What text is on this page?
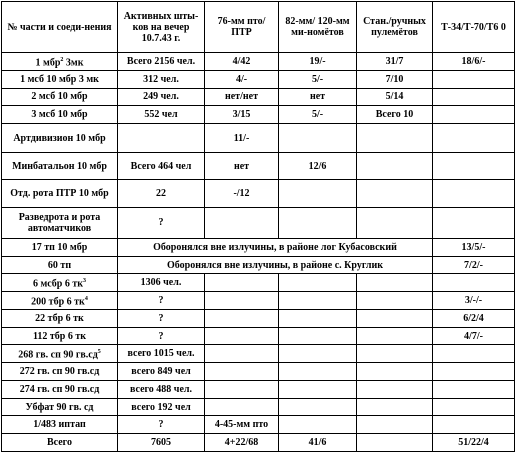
№ части и соеди-нения	Активных шты-ков на вечер 10.7.43 г.	76-мм пто/ ПТР	82-мм/ 120-мм ми-номётов	Стан./ручных пулемётов	Т-34/Т-70/Т6 0
1 мбр$^2$ 3мк	Всего 2156 чел.	4/42	19/-	31/7	18/6/-
1 мсб 10 мбр 3 мк	312 чел.	4/-	5/-	7/10	
2 мсб 10 мбр	249 чел.	нет/нет	нет	5/14	
3 мсб 10 мбр	552 чел	3/15	5/-	Всего 10	
Артдивизион 10 мбр		11/-			
Минбатальон 10 мбр	Всего 464 чел	нет	12/6		
Отд. рота ПТР 10 мбр	22	-/12			
Разведрота и рота автоматчиков	?				
17 тп 10 мбр	Оборонялся вне излучины, в районе лог Кубасовский				13/5/-
60 тп	Оборонялся вне излучины, в районе с. Круглик				7/2/-
6 мсбр 6 $тк^3$	1306 чел.				
200 тбр 6 $тк^4$	?				3/-/-
22 тбр 6 тк	?				6/2/4
112 тбр 6 тк	?				4/7/-
268 гв. сп 90 $гв.сд^5$	всего 1015 чел.				
272 гв. сп 90 гв.сд	всего 849 чел				
274 гв. сп 90 гв.сд	всего 488 чел.				
Убфат 90 гв. сд	всего 192 чел				
1/483 иптап	?	4-45-мм пто			
Всего	7605	4+22/68	41/6		51/22/4
